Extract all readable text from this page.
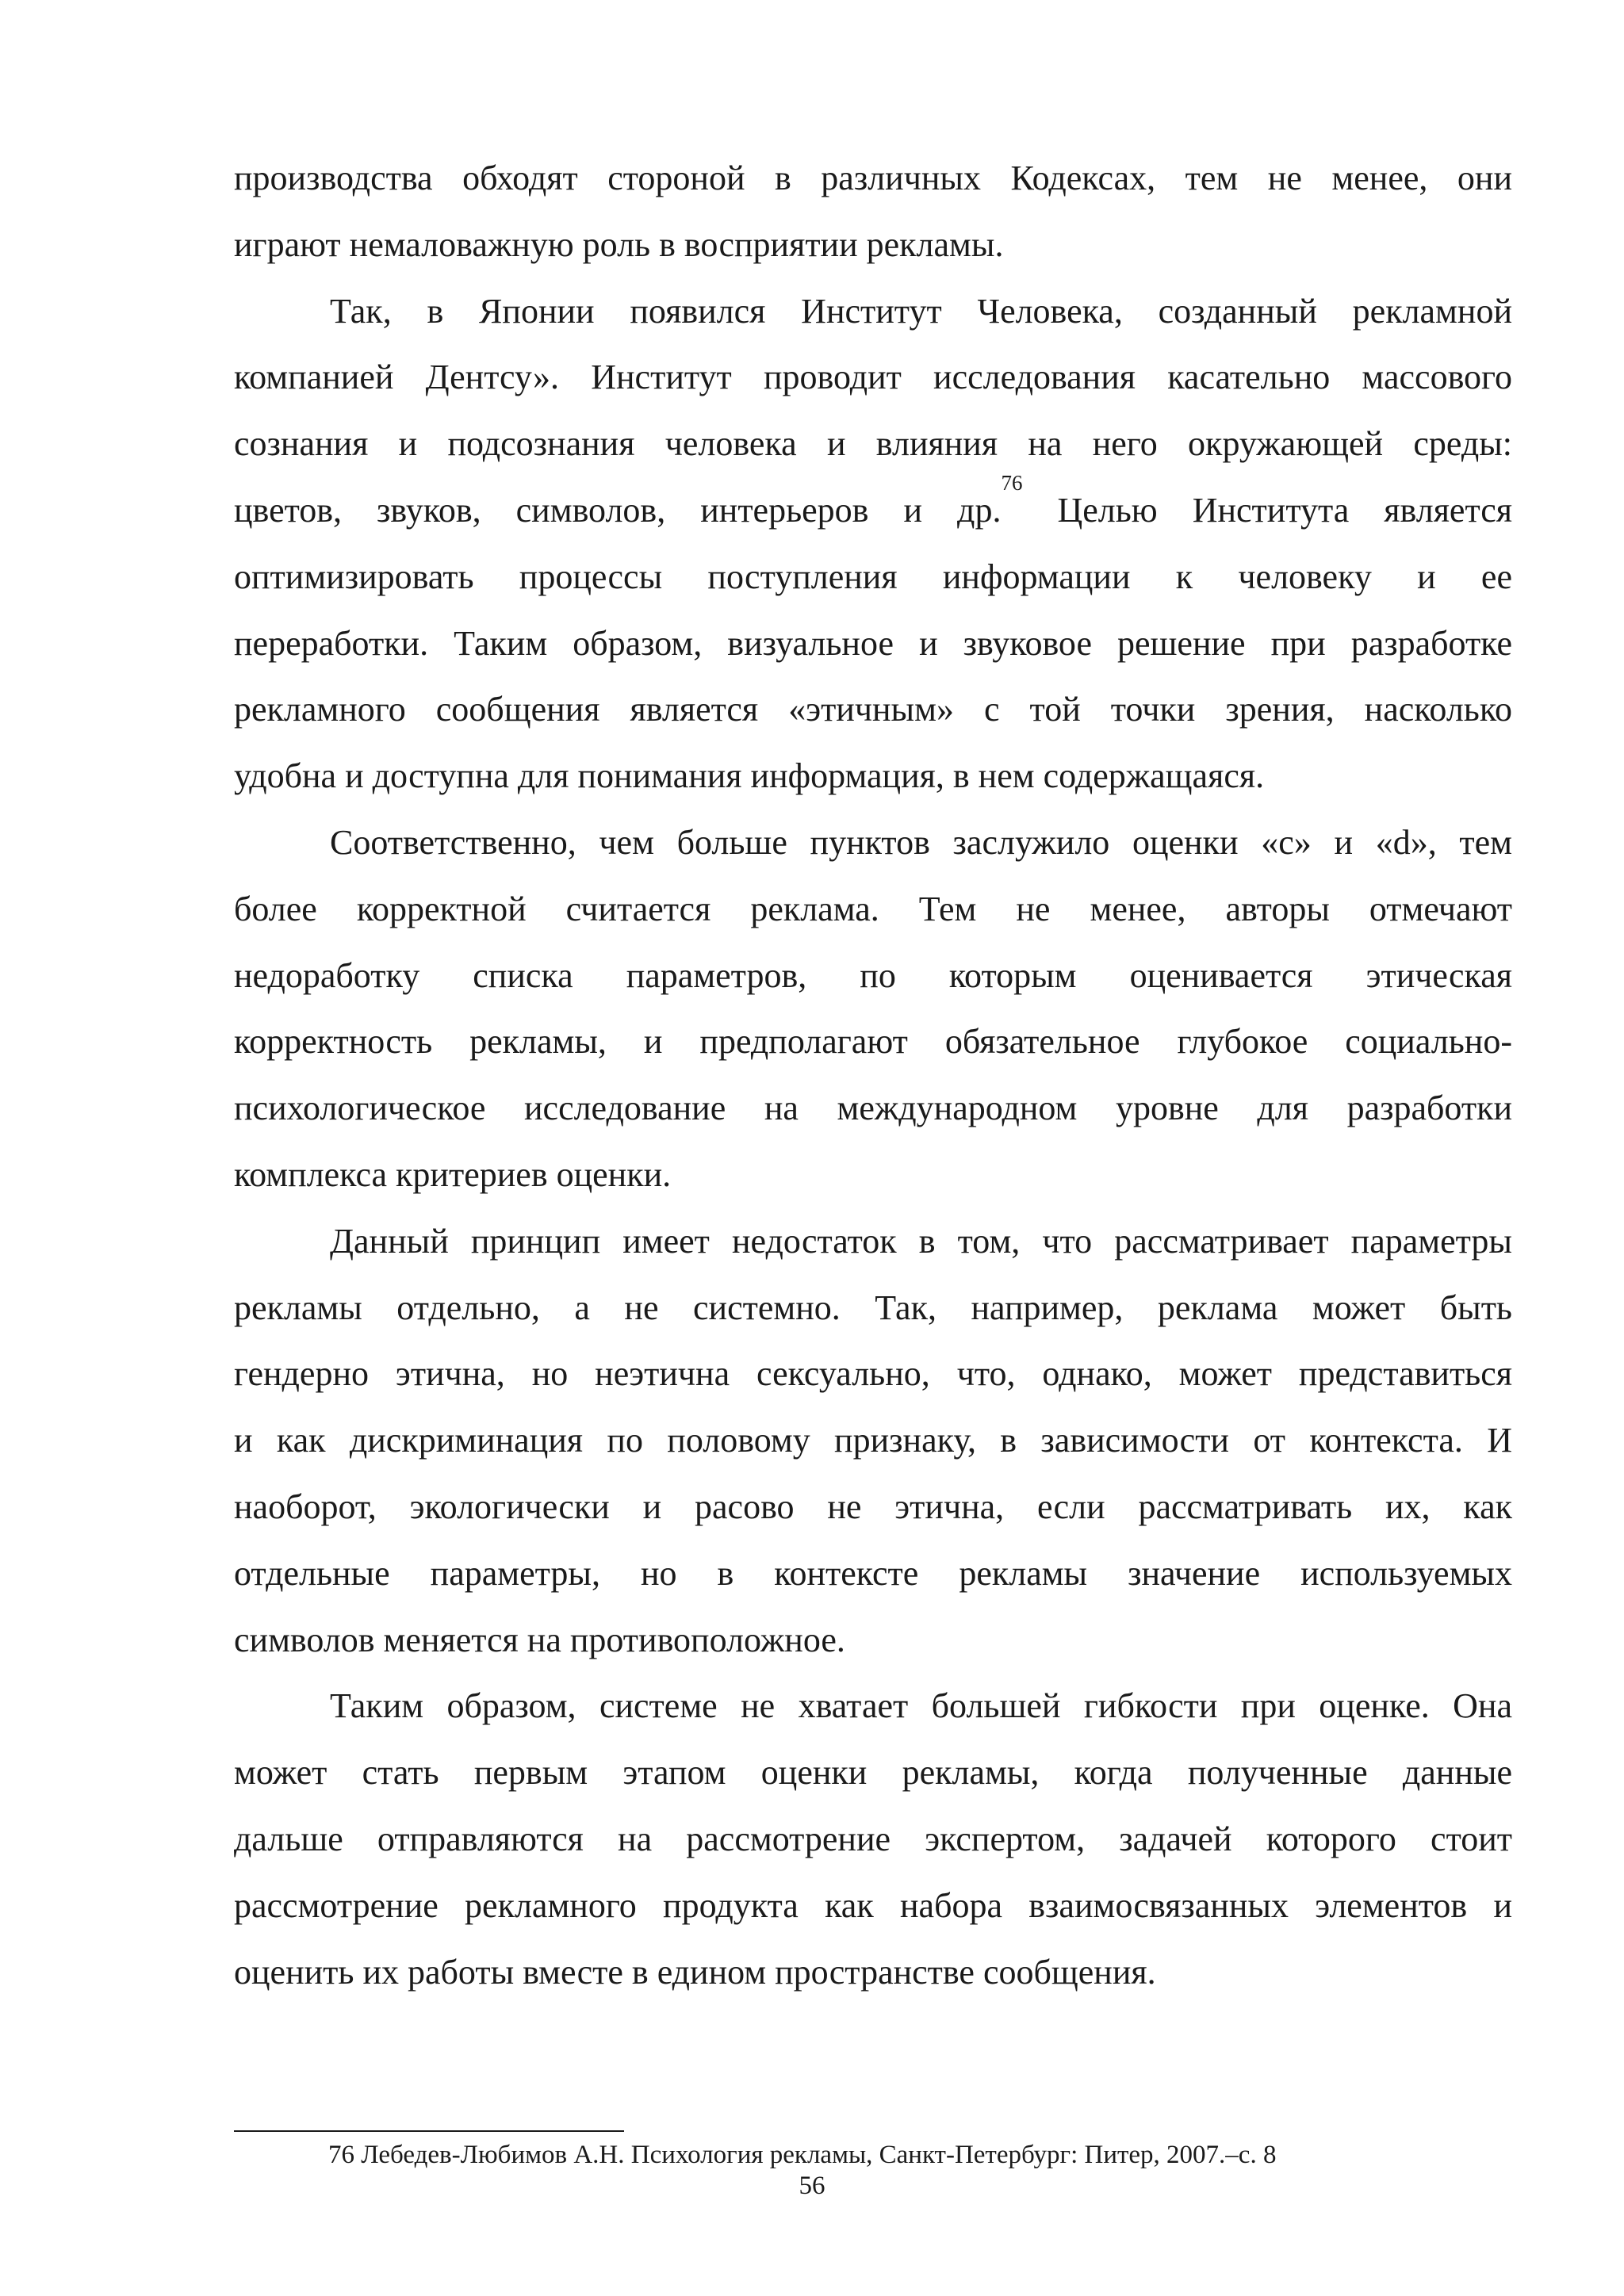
производства обходят стороной в различных Кодексах, тем не менее, они
играют немаловажную роль в восприятии рекламы.
Так, в Японии появился Институт Человека, созданный рекламной
компанией Дентсу». Институт проводит исследования касательно массового
сознания и подсознания человека и влияния на него окружающей среды:
цветов, звуков, символов, интерьеров и др.$^{76}$ Целью Института является
оптимизировать процессы поступления информации к человеку и ее
переработки. Таким образом, визуальное и звуковое решение при разработке
рекламного сообщения является «этичным» с той точки зрения, насколько
удобна и доступна для понимания информация, в нем содержащаяся.
Соответственно, чем больше пунктов заслужило оценки «с» и «d», тем
более корректной считается реклама. Тем не менее, авторы отмечают
недоработку списка параметров, по которым оценивается этическая
корректность рекламы, и предполагают обязательное глубокое социально-
психологическое исследование на международном уровне для разработки
комплекса критериев оценки.
Данный принцип имеет недостаток в том, что рассматривает параметры
рекламы отдельно, а не системно. Так, например, реклама может быть
гендерно этична, но неэтична сексуально, что, однако, может представиться
и как дискриминация по половому признаку, в зависимости от контекста. И
наоборот, экологически и расово не этична, если рассматривать их, как
отдельные параметры, но в контексте рекламы значение используемых
символов меняется на противоположное.
Таким образом, системе не хватает большей гибкости при оценке. Она
может стать первым этапом оценки рекламы, когда полученные данные
дальше отправляются на рассмотрение экспертом, задачей которого стоит
рассмотрение рекламного продукта как набора взаимосвязанных элементов и
оценить их работы вместе в едином пространстве сообщения.
76 Лебедев-Любимов А.Н. Психология рекламы, Санкт-Петербург: Питер, 2007.–с. 8
56
